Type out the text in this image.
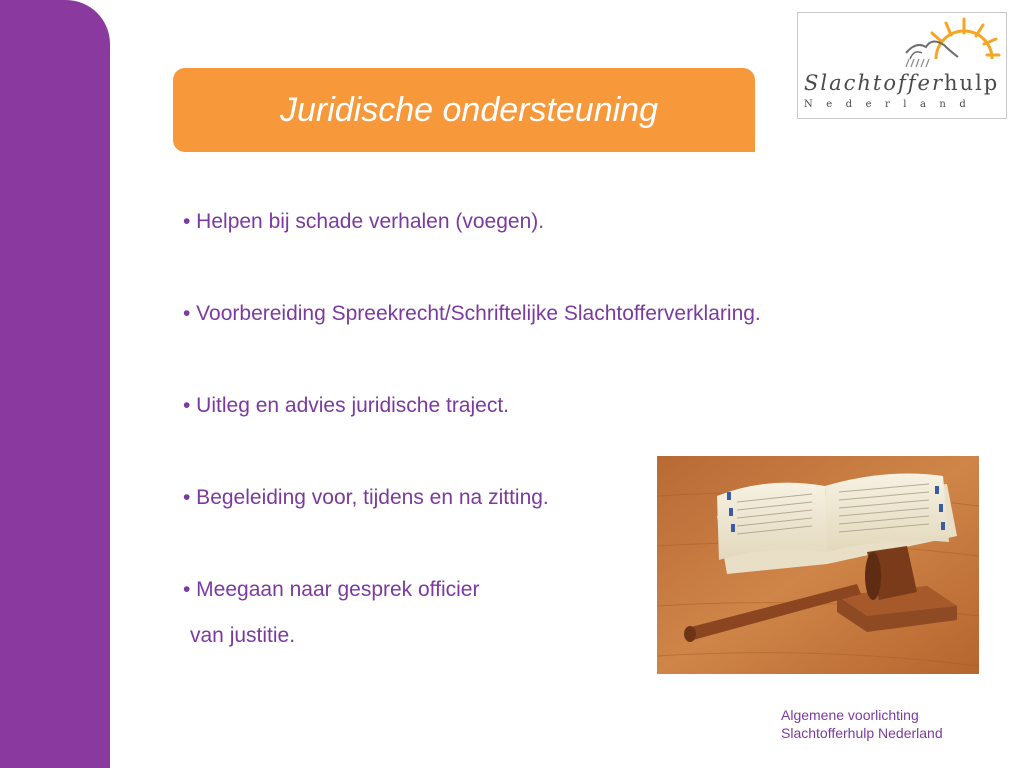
Juridische ondersteuning
Slachtofferhulp
Nederland
• Helpen bij schade verhalen (voegen).
• Voorbereiding Spreekrecht/Schriftelijke Slachtofferverklaring.
• Uitleg en advies juridische traject.
• Begeleiding voor, tijdens en na zitting.
• Meegaan naar gesprek officier
van justitie.
Algemene voorlichting
Slachtofferhulp Nederland
